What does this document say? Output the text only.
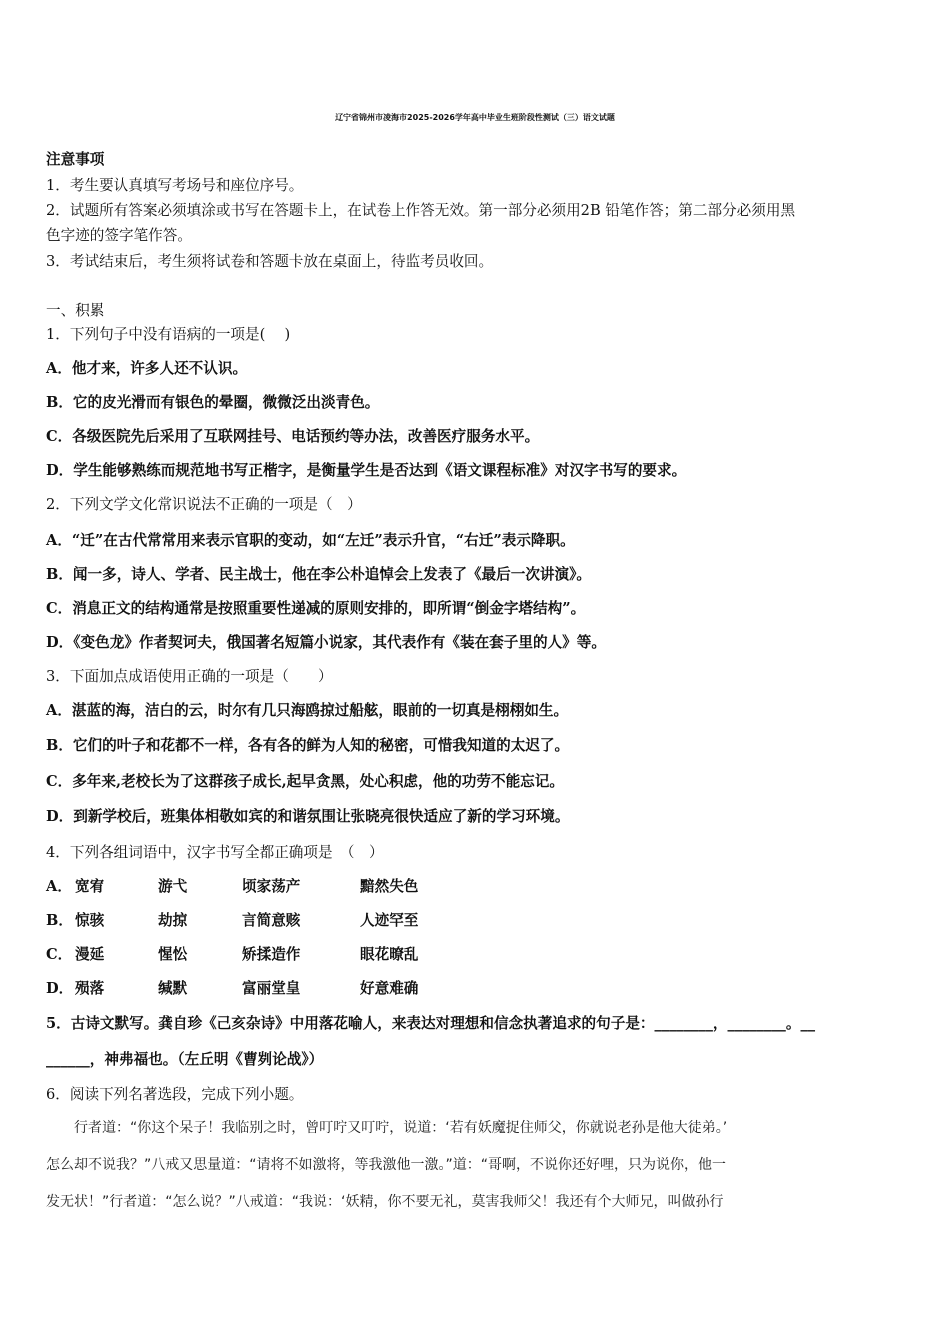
辽宁省锦州市凌海市2025-2026学年高中毕业生班阶段性测试（三）语文试题
注意事项
1．考生要认真填写考场号和座位序号。
2．试题所有答案必须填涂或书写在答题卡上，在试卷上作答无效。第一部分必须用2B 铅笔作答；第二部分必须用黑
色字迹的签字笔作答。
3．考试结束后，考生须将试卷和答题卡放在桌面上，待监考员收回。
一、积累
1．下列句子中没有语病的一项是(　 )
A．他才来，许多人还不认识。
B．它的皮光滑而有银色的晕圈，微微泛出淡青色。
C．各级医院先后采用了互联网挂号、电话预约等办法，改善医疗服务水平。
D．学生能够熟练而规范地书写正楷字，是衡量学生是否达到《语文课程标准》对汉字书写的要求。
2．下列文学文化常识说法不正确的一项是（　）
A．“迁”在古代常常用来表示官职的变动，如“左迁”表示升官，“右迁”表示降职。
B．闻一多，诗人、学者、民主战士，他在李公朴追悼会上发表了《最后一次讲演》。
C．消息正文的结构通常是按照重要性递减的原则安排的，即所谓“倒金字塔结构”。
D．《变色龙》作者契诃夫，俄国著名短篇小说家，其代表作有《装在套子里的人》等。
3．下面加点成语使用正确的一项是（　　）
A．湛蓝的海，洁白的云，时尔有几只海鸥掠过船舷，眼前的一切真是栩栩如生。
B．它们的叶子和花都不一样，各有各的鲜为人知的秘密，可惜我知道的太迟了。
C．多年来,老校长为了这群孩子成长,起早贪黑，处心积虑，他的功劳不能忘记。
D．到新学校后，班集体相敬如宾的和谐氛围让张晓亮很快适应了新的学习环境。
4．下列各组词语中，汉字书写全都正确项是　（　）
A． 宽宥	游弋	顷家荡产	黯然失色
B． 惊骇	劫掠	言简意赅	人迹罕至
C． 漫延	惺忪	矫揉造作	眼花暸乱
D． 殒落	缄默	富丽堂皇	好意难确
5．古诗文默写。龚自珍《己亥杂诗》中用落花喻人，来表达对理想和信念执著追求的句子是：________，________。__
______，神弗福也。（左丘明《曹刿论战》）
6．阅读下列名著选段，完成下列小题。
　　行者道：“你这个呆子！我临别之时，曾叮咛又叮咛，说道：‘若有妖魔捉住师父，你就说老孙是他大徒弟。’
怎么却不说我？”八戒又思量道：“请将不如激将，等我激他一激。”道：“哥啊，不说你还好哩，只为说你，他一
发无状！”行者道：“怎么说？”八戒道：“我说：‘妖精，你不要无礼，莫害我师父！我还有个大师兄，叫做孙行
